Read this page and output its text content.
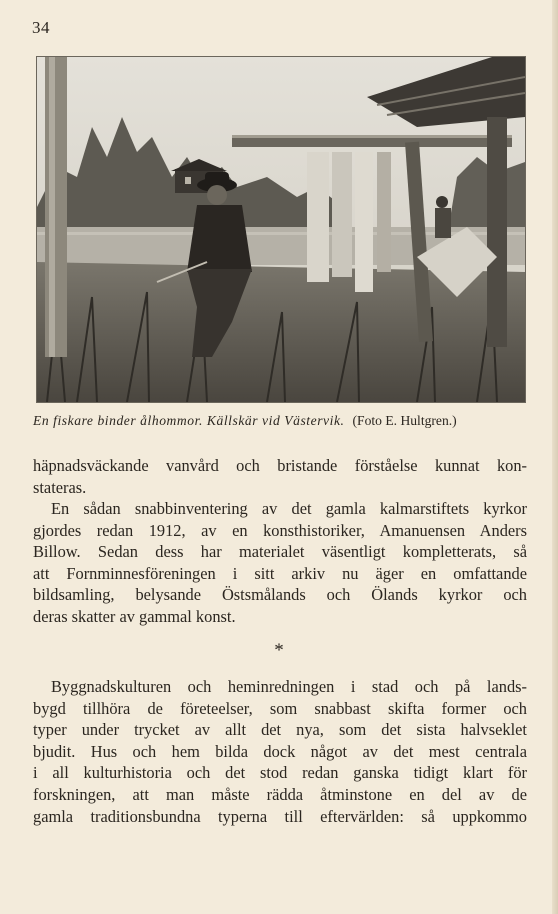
34
En fiskare binder ålhommor. Källskär vid Västervik. (Foto E. Hultgren.)

häpnadsväckande vanvård och bristande förståelse kunnat kon-
stateras.

En sådan snabbinventering av det gamla kalmarstiftets kyrkor
gjordes redan 1912, av en konsthistoriker, Amanuensen Anders
Billow. Sedan dess har materialet väsentligt kompletterats, så
att Fornminnesföreningen i sitt arkiv nu äger en omfattande
bildsamling, belysande Östsmålands och Ölands kyrkor och
deras skatter av gammal konst.

*

Byggnadskulturen och heminredningen i stad och på lands-
bygd tillhöra de företeelser, som snabbast skifta former och
typer under trycket av allt det nya, som det sista halvseklet
bjudit. Hus och hem bilda dock något av det mest centrala
i all kulturhistoria och det stod redan ganska tidigt klart för
forskningen, att man måste rädda åtminstone en del av de
gamla traditionsbundna typerna till eftervärlden: så uppkommo
